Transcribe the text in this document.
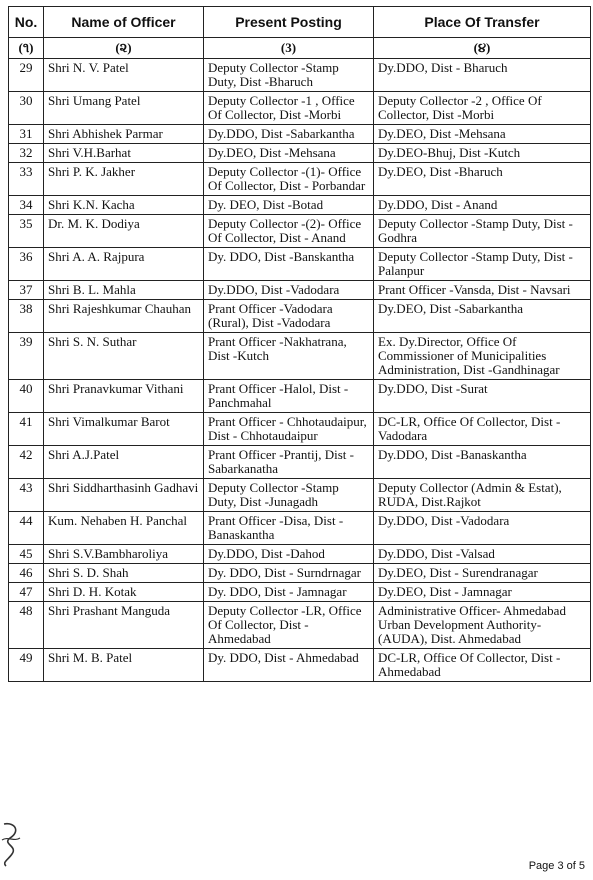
No.	Name of Officer	Present Posting	Place Of Transfer
(૧)	(૨)	(3)	(૪)
29	Shri N. V. Patel	Deputy Collector -Stamp Duty, Dist -Bharuch	Dy.DDO, Dist - Bharuch
30	Shri Umang Patel	Deputy Collector -1 , Office Of Collector, Dist -Morbi	Deputy Collector -2 , Office Of Collector, Dist -Morbi
31	Shri Abhishek Parmar	Dy.DDO, Dist -Sabarkantha	Dy.DEO, Dist -Mehsana
32	Shri V.H.Barhat	Dy.DEO, Dist -Mehsana	Dy.DEO-Bhuj, Dist -Kutch
33	Shri P. K. Jakher	Deputy Collector -(1)- Office Of Collector, Dist - Porbandar	Dy.DEO, Dist -Bharuch
34	Shri K.N. Kacha	Dy. DEO, Dist -Botad	Dy.DDO, Dist - Anand
35	Dr. M. K. Dodiya	Deputy Collector -(2)- Office Of Collector, Dist - Anand	Deputy Collector -Stamp Duty, Dist -Godhra
36	Shri A. A. Rajpura	Dy. DDO, Dist -Banskantha	Deputy Collector -Stamp Duty, Dist -Palanpur
37	Shri B. L. Mahla	Dy.DDO, Dist -Vadodara	Prant Officer -Vansda, Dist - Navsari
38	Shri Rajeshkumar Chauhan	Prant Officer -Vadodara (Rural), Dist -Vadodara	Dy.DEO, Dist -Sabarkantha
39	Shri S. N. Suthar	Prant Officer -Nakhatrana, Dist -Kutch	Ex. Dy.Director, Office Of Commissioner of Municipalities Administration, Dist -Gandhinagar
40	Shri Pranavkumar Vithani	Prant Officer -Halol, Dist - Panchmahal	Dy.DDO, Dist -Surat
41	Shri Vimalkumar Barot	Prant Officer - Chhotaudaipur, Dist - Chhotaudaipur	DC-LR, Office Of Collector, Dist -Vadodara
42	Shri A.J.Patel	Prant Officer -Prantij, Dist - Sabarkanatha	Dy.DDO, Dist -Banaskantha
43	Shri Siddharthasinh Gadhavi	Deputy Collector -Stamp Duty, Dist -Junagadh	Deputy Collector (Admin & Estat), RUDA, Dist.Rajkot
44	Kum. Nehaben H. Panchal	Prant Officer -Disa, Dist - Banaskantha	Dy.DDO, Dist -Vadodara
45	Shri S.V.Bambharoliya	Dy.DDO, Dist -Dahod	Dy.DDO, Dist -Valsad
46	Shri S. D. Shah	Dy. DDO, Dist - Surndrnagar	Dy.DEO, Dist - Surendranagar
47	Shri D. H. Kotak	Dy. DDO, Dist - Jamnagar	Dy.DEO, Dist - Jamnagar
48	Shri Prashant Manguda	Deputy Collector -LR, Office Of Collector, Dist - Ahmedabad	Administrative Officer- Ahmedabad Urban Development Authority-(AUDA), Dist. Ahmedabad
49	Shri M. B. Patel	Dy. DDO, Dist - Ahmedabad	DC-LR, Office Of Collector, Dist - Ahmedabad
Page 3 of 5
